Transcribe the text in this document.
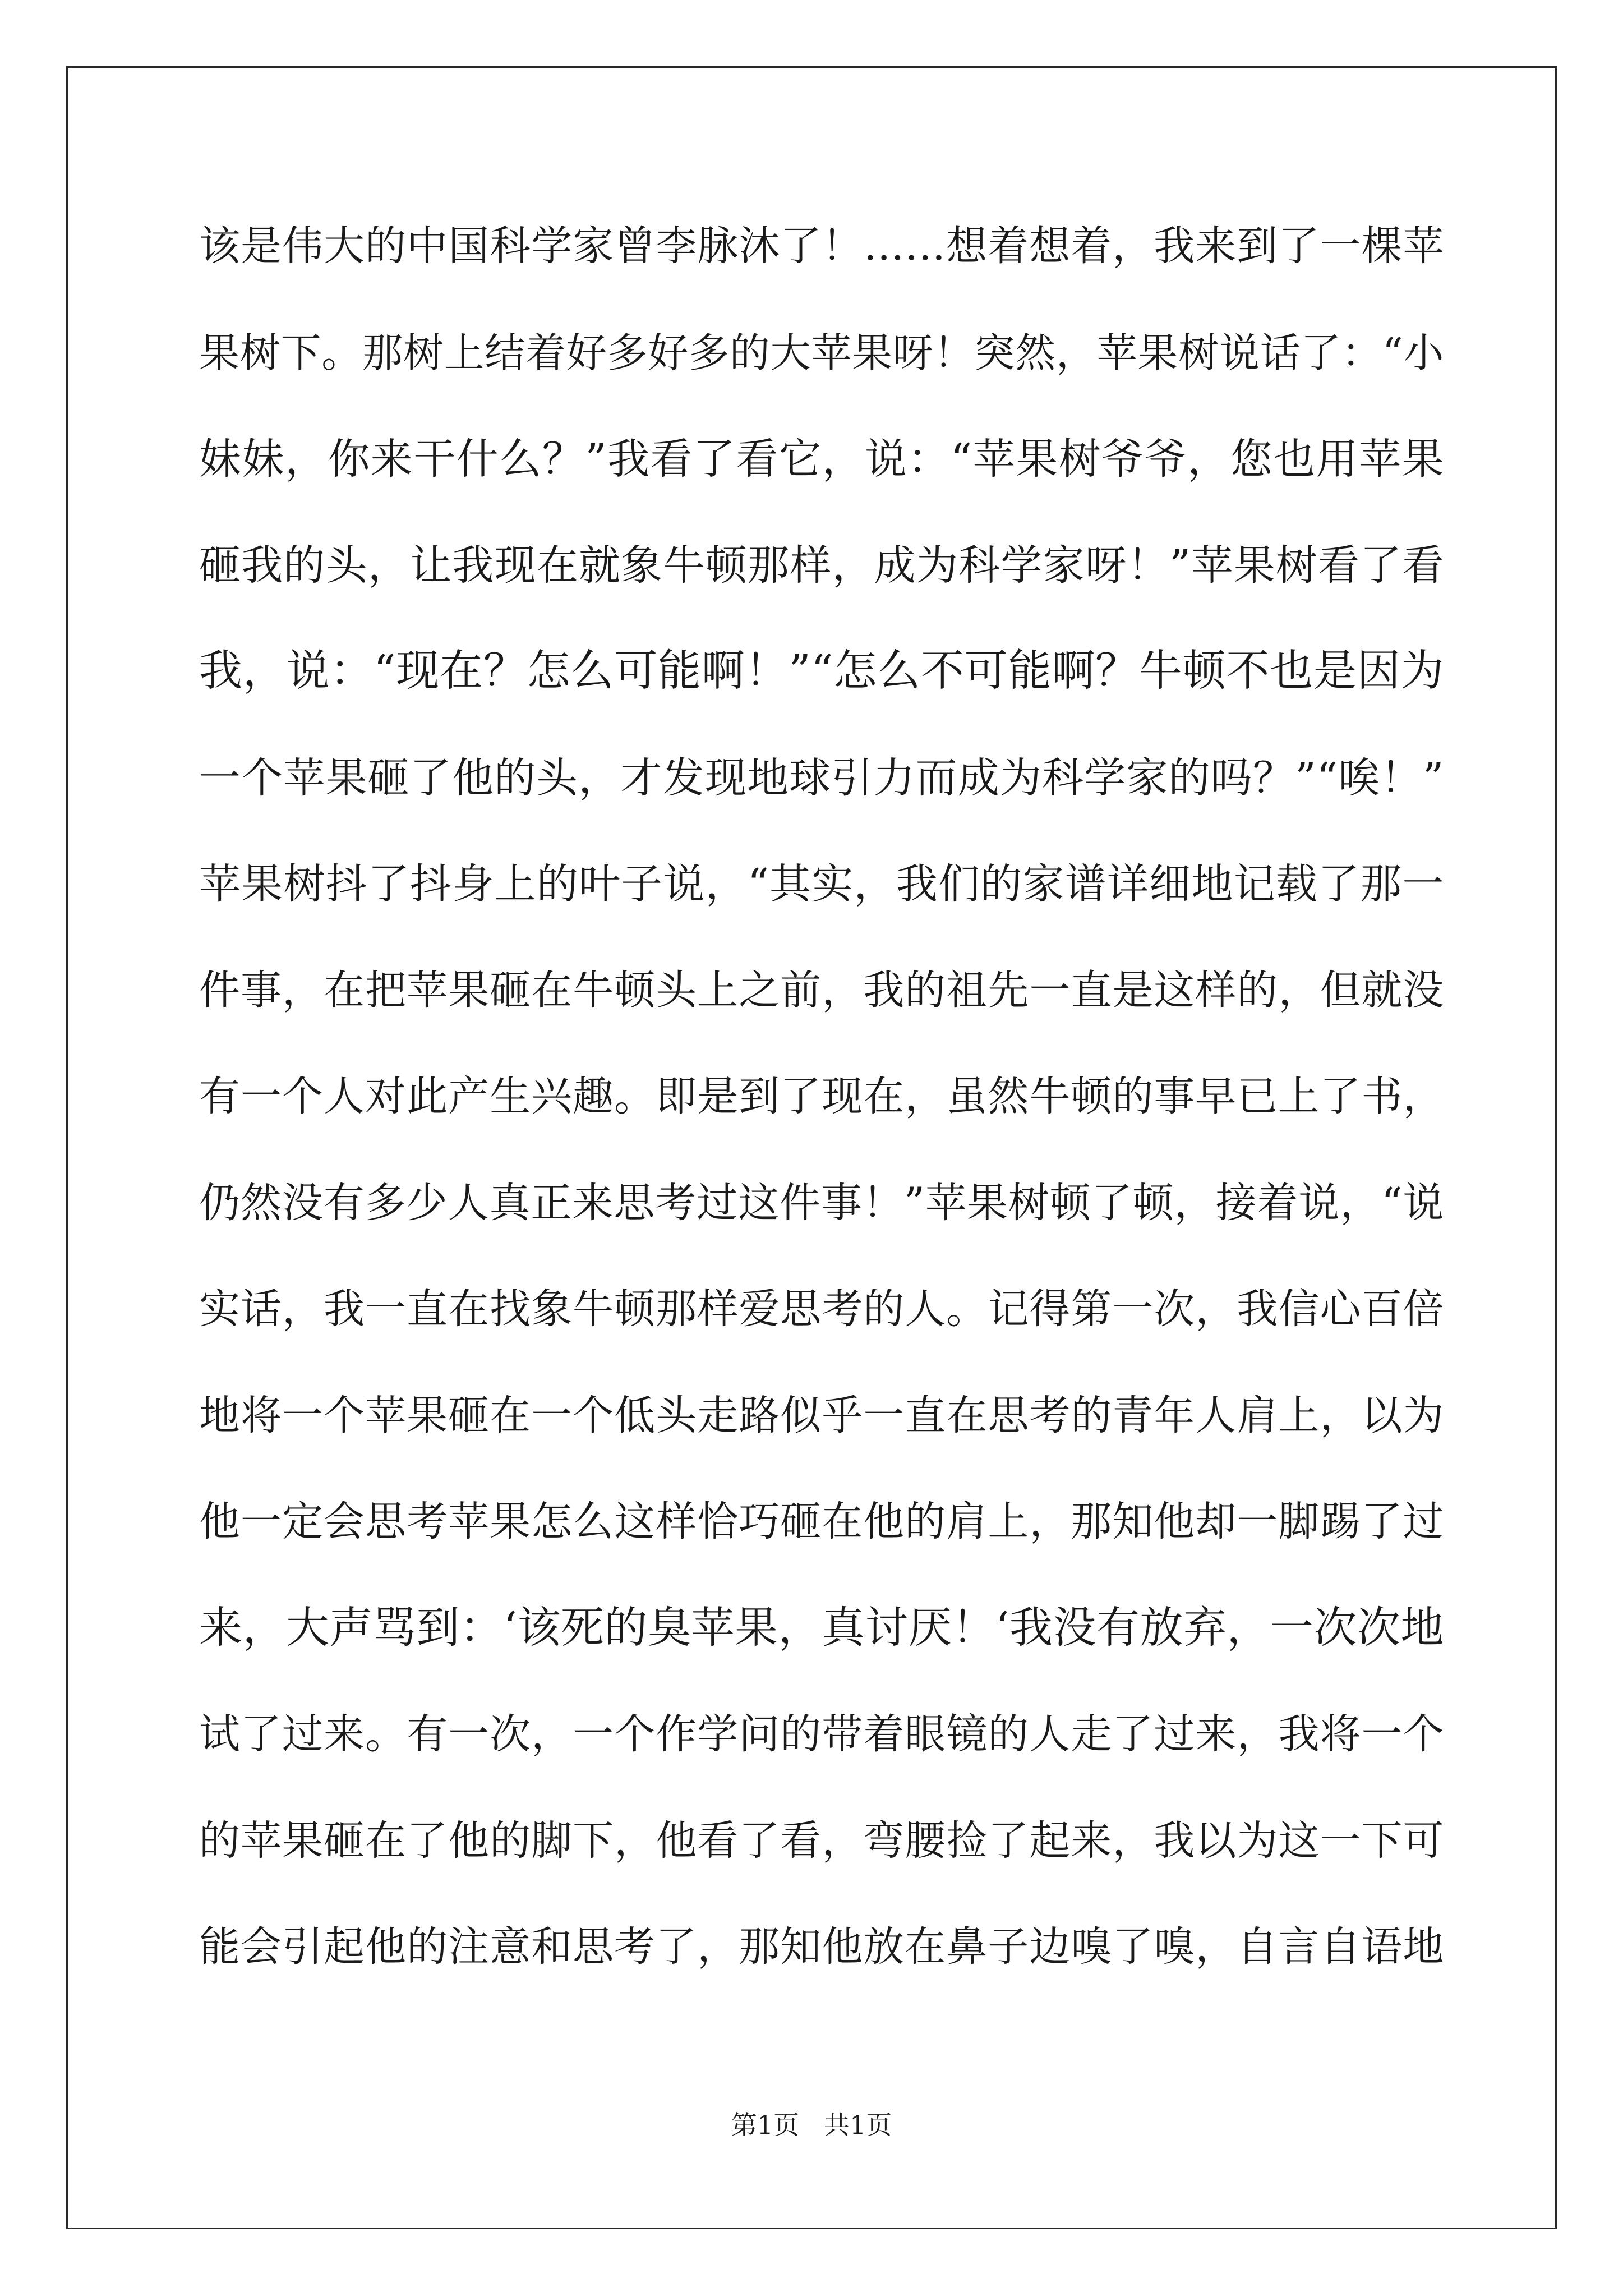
该是伟大的中国科学家曾李脉沐了！……想着想着，我来到了一棵苹
果树下。那树上结着好多好多的大苹果呀！突然，苹果树说话了：“小
妹妹，你来干什么？”我看了看它，说：“苹果树爷爷，您也用苹果
砸我的头，让我现在就象牛顿那样，成为科学家呀！”苹果树看了看
我，说：“现在？怎么可能啊！”“怎么不可能啊？牛顿不也是因为
一个苹果砸了他的头，才发现地球引力而成为科学家的吗？”“唉！”
苹果树抖了抖身上的叶子说，“其实，我们的家谱详细地记载了那一
件事，在把苹果砸在牛顿头上之前，我的祖先一直是这样的，但就没
有一个人对此产生兴趣。即是到了现在，虽然牛顿的事早已上了书，
仍然没有多少人真正来思考过这件事！”苹果树顿了顿，接着说，“说
实话，我一直在找象牛顿那样爱思考的人。记得第一次，我信心百倍
地将一个苹果砸在一个低头走路似乎一直在思考的青年人肩上，以为
他一定会思考苹果怎么这样恰巧砸在他的肩上，那知他却一脚踢了过
来，大声骂到：‘该死的臭苹果，真讨厌！‘我没有放弃，一次次地
试了过来。有一次，一个作学问的带着眼镜的人走了过来，我将一个
的苹果砸在了他的脚下，他看了看，弯腰捡了起来，我以为这一下可
能会引起他的注意和思考了，那知他放在鼻子边嗅了嗅，自言自语地
第1页 共1页
